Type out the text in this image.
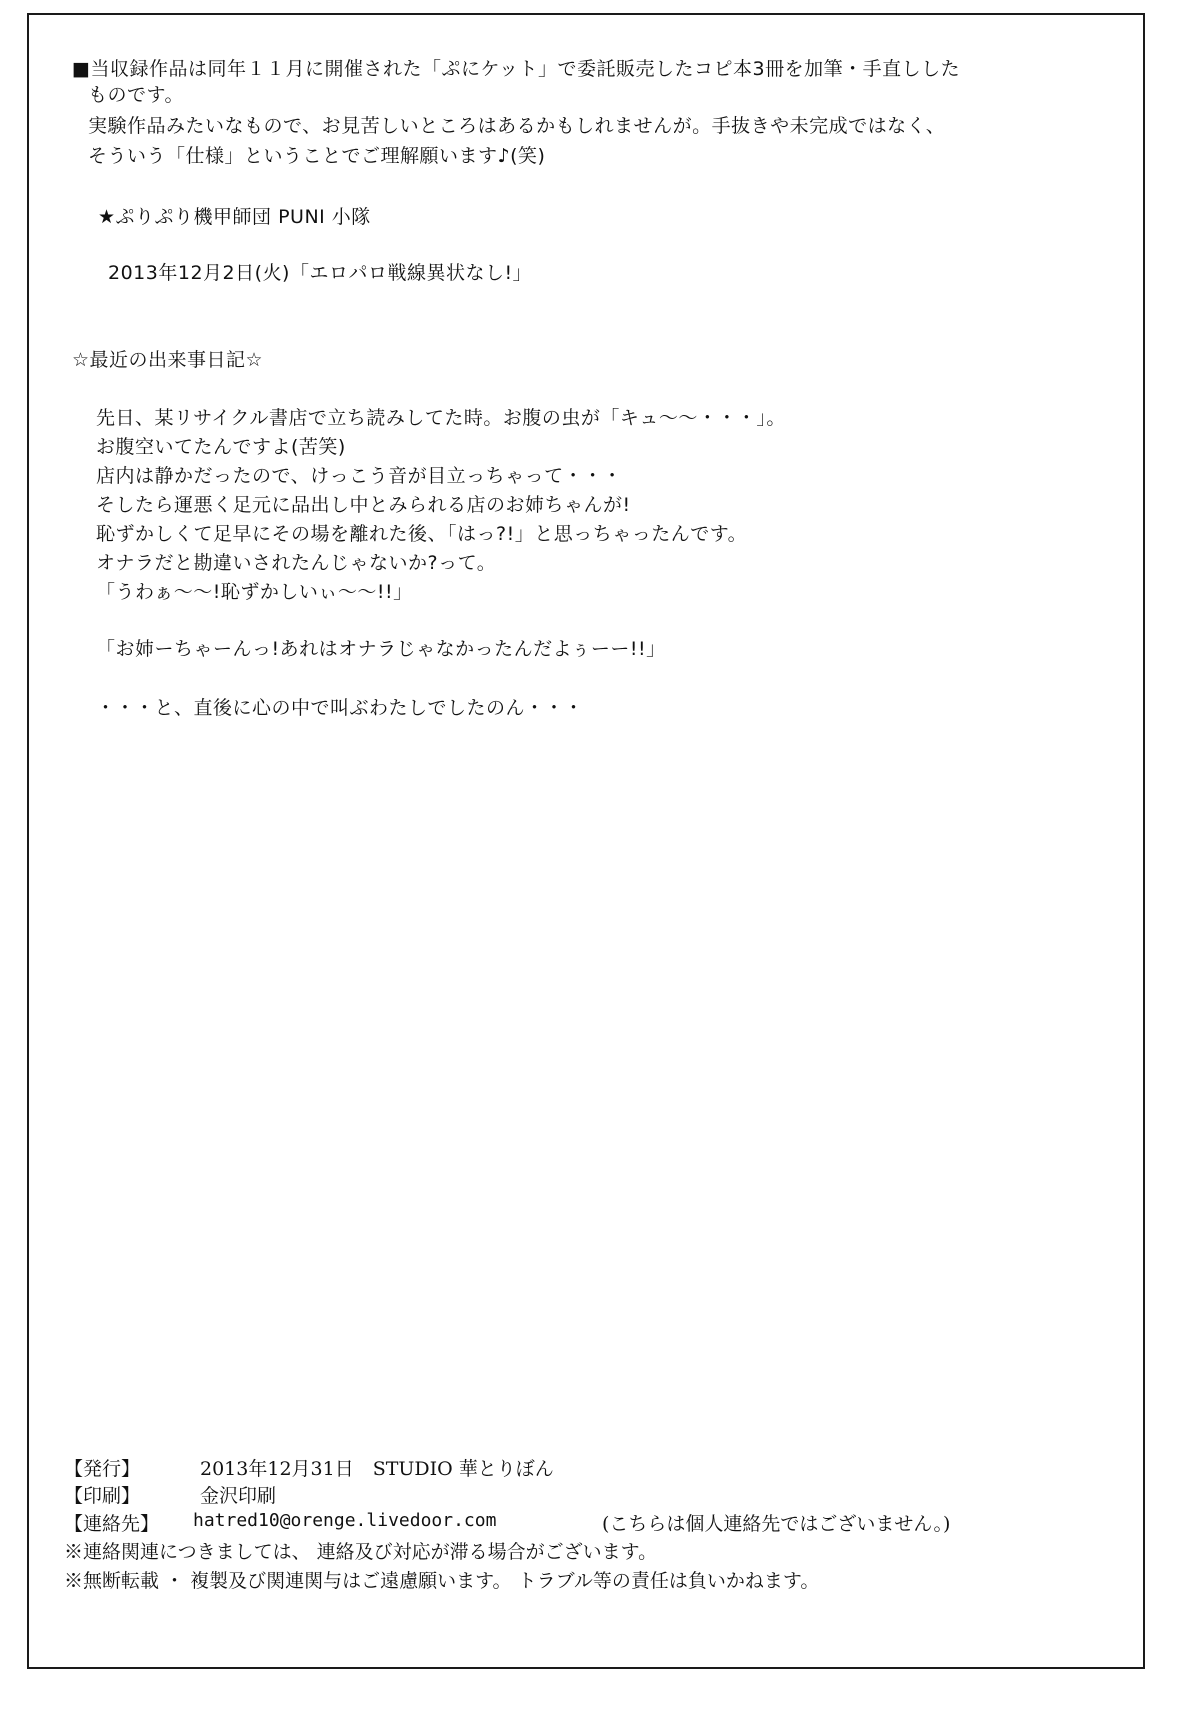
■当収録作品は同年１１月に開催された「ぷにケット」で委託販売したコピ本3冊を加筆・手直しした
ものです。
実験作品みたいなもので、お見苦しいところはあるかもしれませんが。手抜きや未完成ではなく、
そういう「仕様」ということでご理解願います♪(笑)
★ぷりぷり機甲師団 PUNI 小隊
2013年12月2日(火)「エロパロ戦線異状なし!」
☆最近の出来事日記☆
先日、某リサイクル書店で立ち読みしてた時。お腹の虫が「キュ～～・・・」。
お腹空いてたんですよ(苦笑)
店内は静かだったので、けっこう音が目立っちゃって・・・
そしたら運悪く足元に品出し中とみられる店のお姉ちゃんが!
恥ずかしくて足早にその場を離れた後、「はっ?!」と思っちゃったんです。
オナラだと勘違いされたんじゃないか?って。
「うわぁ～～!恥ずかしいぃ～～!!」
「お姉ーちゃーんっ!あれはオナラじゃなかったんだよぅーー!!」
・・・と、直後に心の中で叫ぶわたしでしたのん・・・
【発行】	2013年12月31日　STUDIO 華とりぼん
【印刷】	金沢印刷
【連絡先】 hatred10@orenge.livedoor.com	(こちらは個人連絡先ではございません。)
※連絡関連につきましては、 連絡及び対応が滞る場合がございます。
※無断転載 ・ 複製及び関連関与はご遠慮願います。 トラブル等の責任は負いかねます。
